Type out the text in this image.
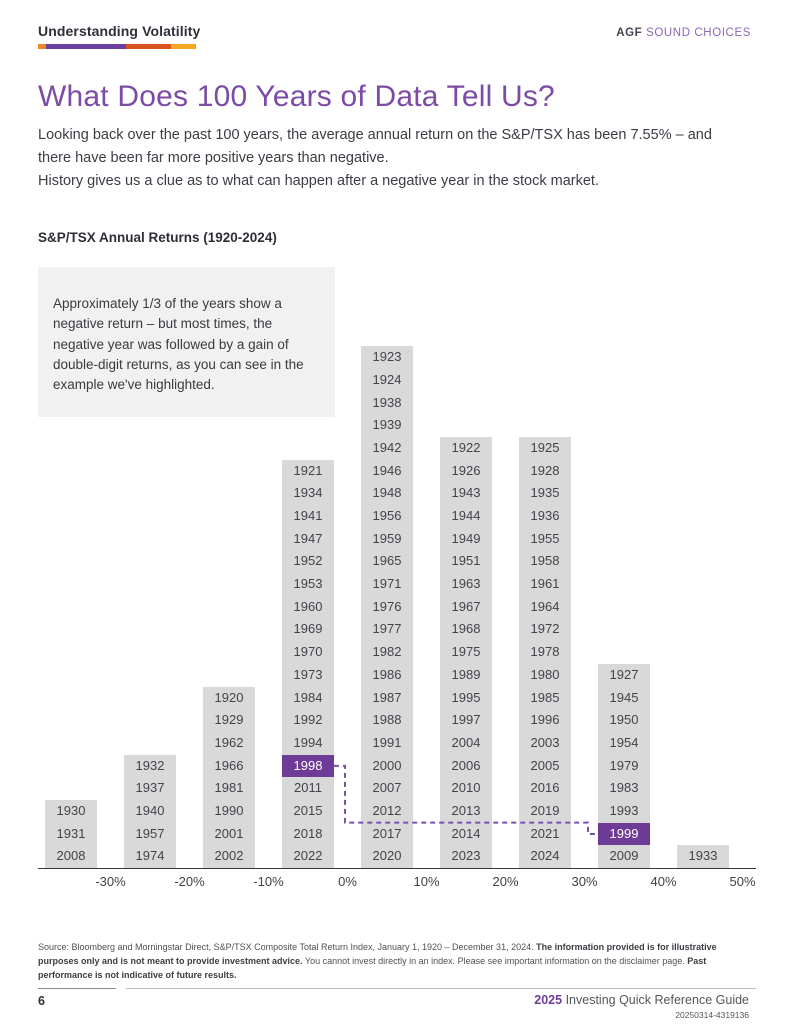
Understanding Volatility	AGF SOUND CHOICES
What Does 100 Years of Data Tell Us?
Looking back over the past 100 years, the average annual return on the S&P/TSX has been 7.55% – and there have been far more positive years than negative.
History gives us a clue as to what can happen after a negative year in the stock market.
S&P/TSX Annual Returns (1920-2024)
Approximately 1/3 of the years show a negative return – but most times, the negative year was followed by a gain of double-digit returns, as you can see in the example we've highlighted.
1930
1931
2008
1932
1937
1940
1957
1974
1920
1929
1962
1966
1981
1990
2001
2002
1921
1934
1941
1947
1952
1953
1960
1969
1970
1973
1984
1992
1994
1998
2011
2015
2018
2022
1923
1924
1938
1939
1942
1946
1948
1956
1959
1965
1971
1976
1977
1982
1986
1987
1988
1991
2000
2007
2012
2017
2020
1922
1926
1943
1944
1949
1951
1963
1967
1968
1975
1989
1995
1997
2004
2006
2010
2013
2014
2023
1925
1928
1935
1936
1955
1958
1961
1964
1972
1978
1980
1985
1996
2003
2005
2016
2019
2021
2024
1927
1945
1950
1954
1979
1983
1993
1999
2009	1933
Source: Bloomberg and Morningstar Direct, S&P/TSX Composite Total Return Index, January 1, 1920 – December 31, 2024. The information provided is for illustrative purposes only and is not meant to provide investment advice. You cannot invest directly in an index. Please see important information on the disclaimer page. Past performance is not indicative of future results.
6	2025 Investing Quick Reference Guide
20250314-4319136
-30%	-20%	-10%	0%	10%	20%	30%	40%	50%
